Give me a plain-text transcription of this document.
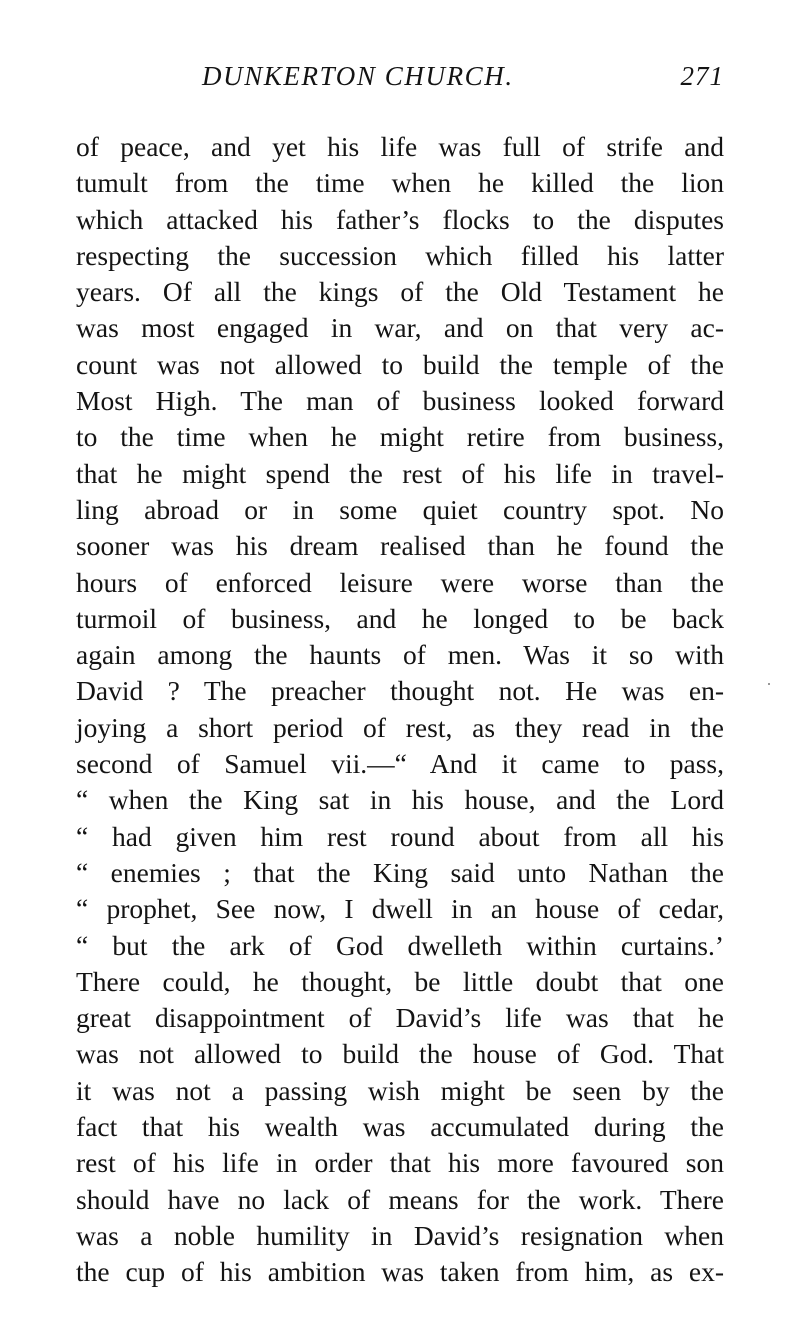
DUNKERTON CHURCH.	271
of peace, and yet his life was full of strife and
tumult from the time when he killed the lion
which attacked his father’s flocks to the disputes
respecting the succession which filled his latter
years. Of all the kings of the Old Testament he
was most engaged in war, and on that very ac-
count was not allowed to build the temple of the
Most High. The man of business looked forward
to the time when he might retire from business,
that he might spend the rest of his life in travel-
ling abroad or in some quiet country spot. No
sooner was his dream realised than he found the
hours of enforced leisure were worse than the
turmoil of business, and he longed to be back
again among the haunts of men. Was it so with
David ? The preacher thought not. He was en-
joying a short period of rest, as they read in the
second of Samuel vii.—“ And it came to pass,
“ when the King sat in his house, and the Lord
“ had given him rest round about from all his
“ enemies ; that the King said unto Nathan the
“ prophet, See now, I dwell in an house of cedar,
“ but the ark of God dwelleth within curtains.’
There could, he thought, be little doubt that one
great disappointment of David’s life was that he
was not allowed to build the house of God. That
it was not a passing wish might be seen by the
fact that his wealth was accumulated during the
rest of his life in order that his more favoured son
should have no lack of means for the work. There
was a noble humility in David’s resignation when
the cup of his ambition was taken from him, as ex-
